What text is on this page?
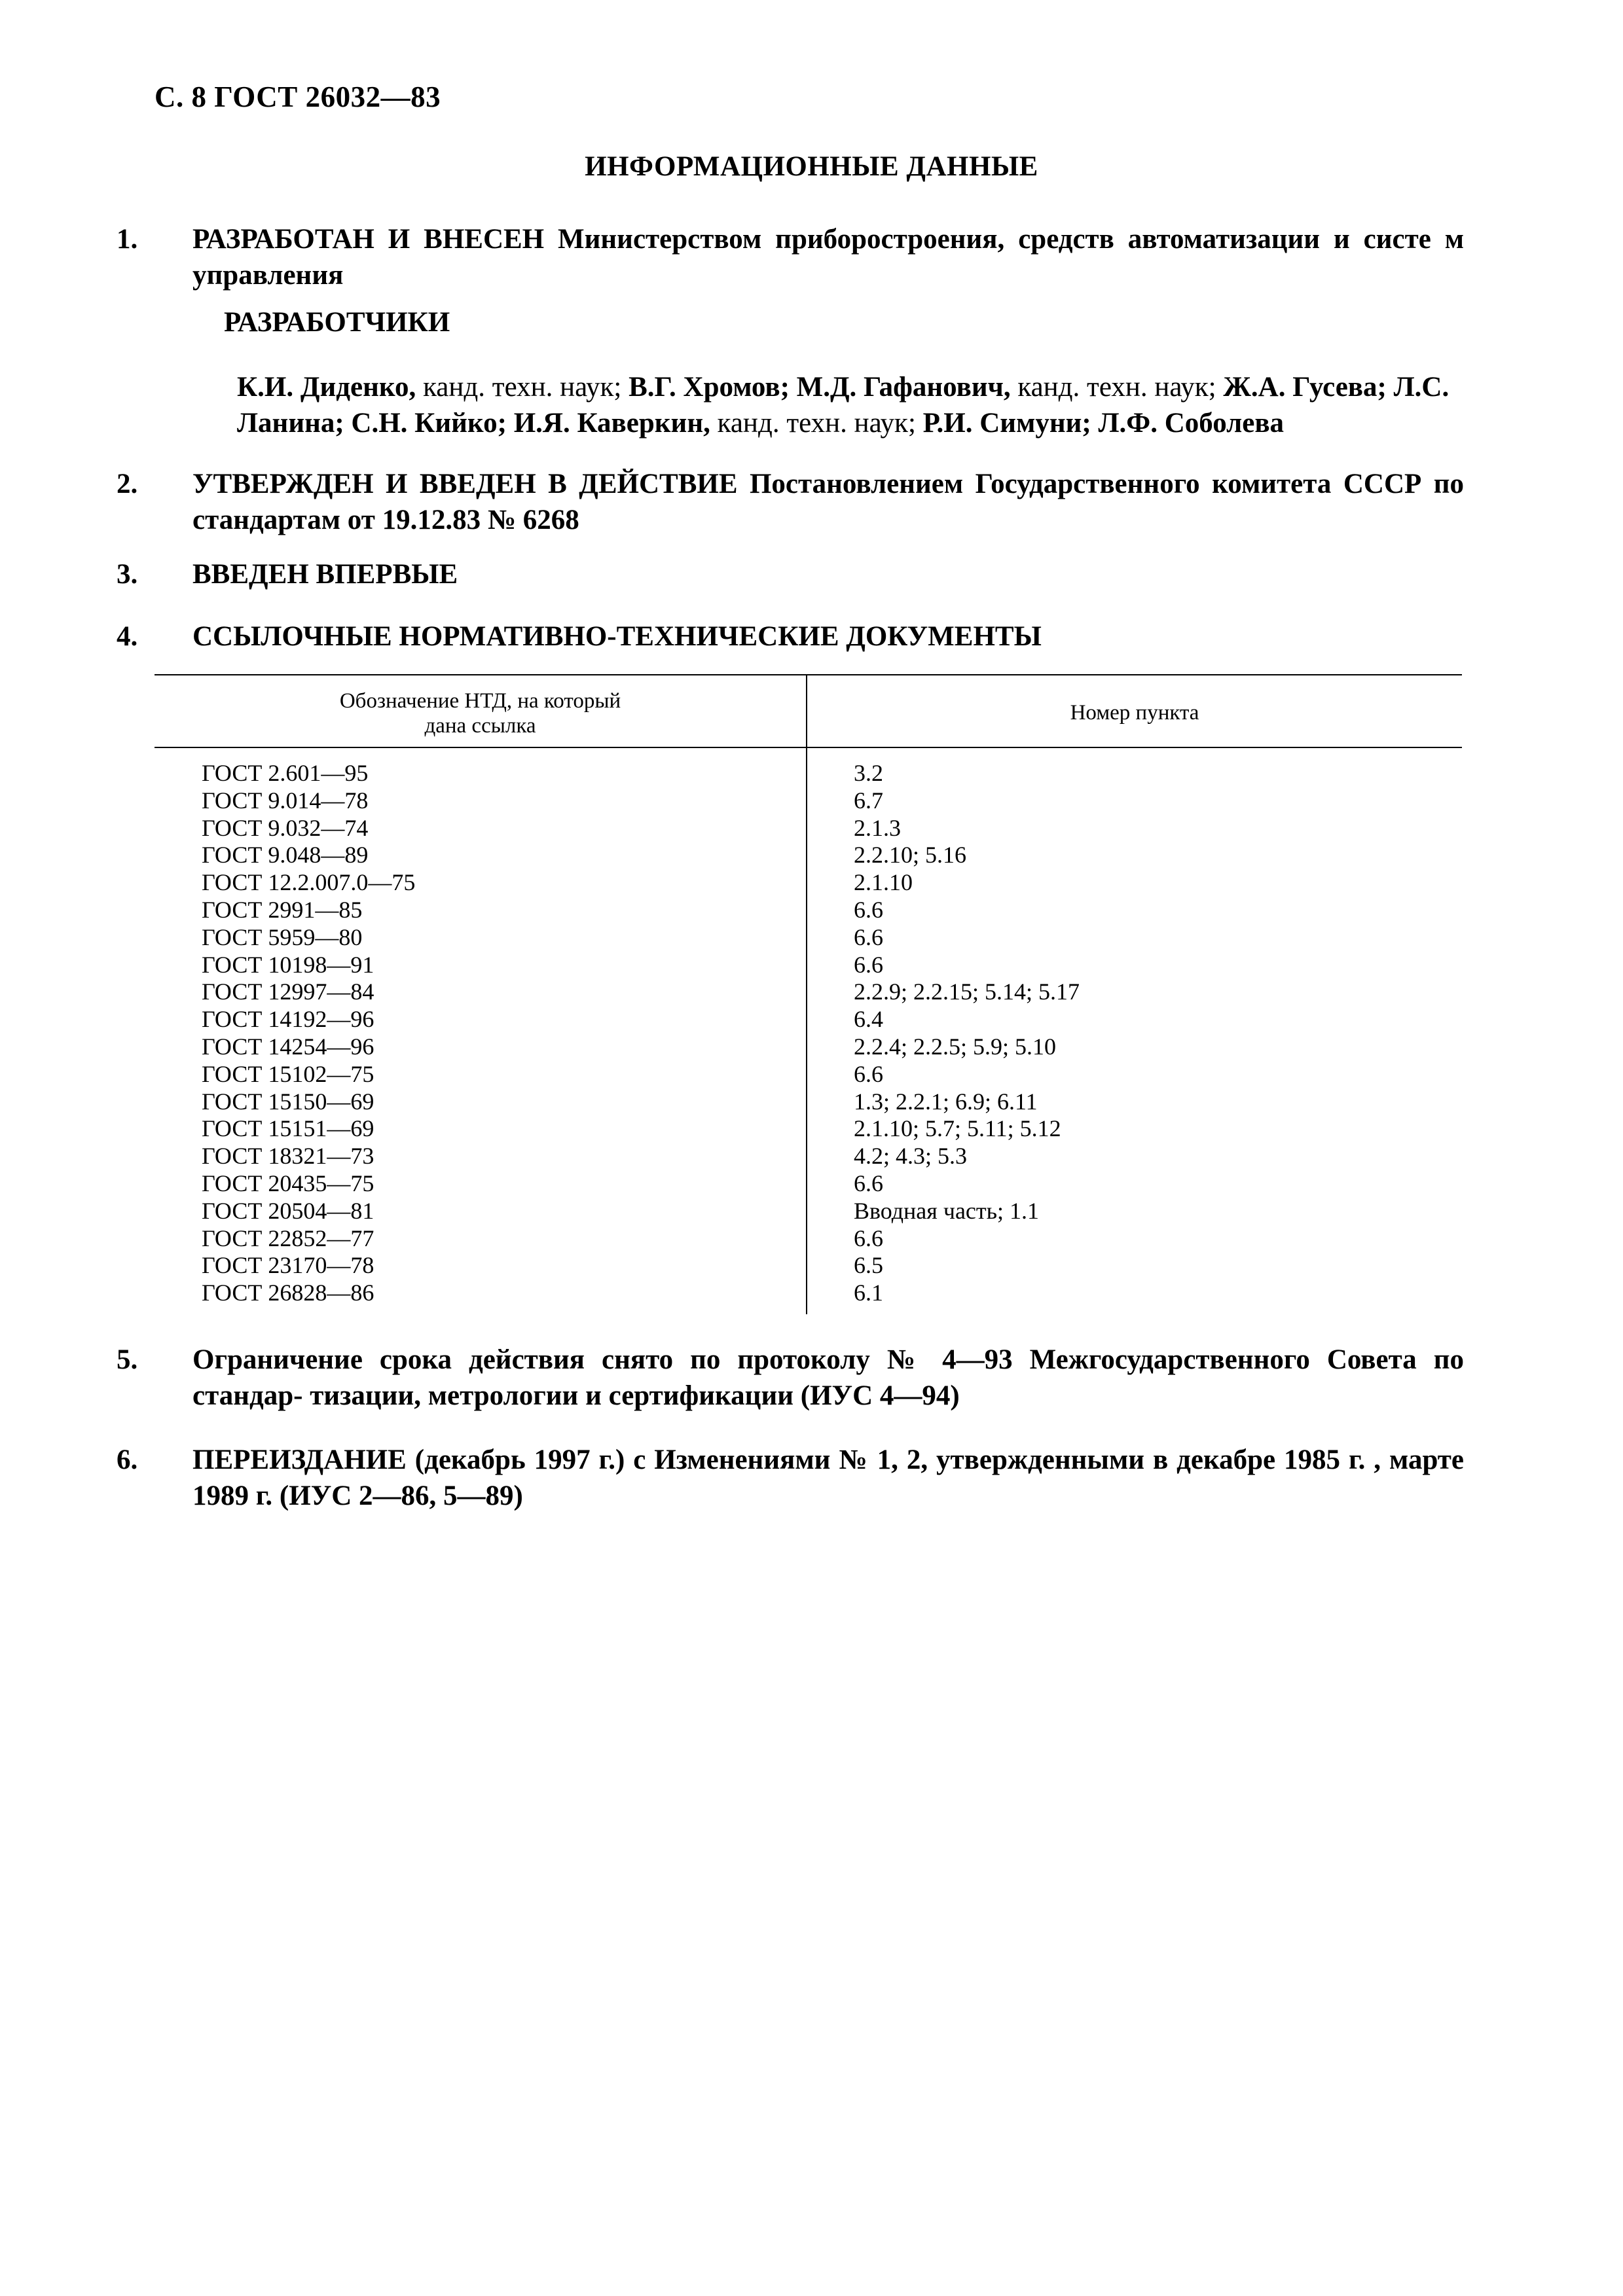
С. 8 ГОСТ 26032—83
ИНФОРМАЦИОННЫЕ ДАННЫЕ
1. РАЗРАБОТАН И ВНЕСЕН Министерством приборостроения, средств автоматизации и систе м управления
РАЗРАБОТЧИКИ
К.И. Диденко, канд. техн. наук; В.Г. Хромов; М.Д. Гафанович, канд. техн. наук; Ж.А. Гусева; Л.С. Ланина; С.Н. Кийко; И.Я. Каверкин, канд. техн. наук; Р.И. Симуни; Л.Ф. Соболева
2. УТВЕРЖДЕН И ВВЕДЕН В ДЕЙСТВИЕ Постановлением Государственного комитета СССР по стандартам от 19.12.83 № 6268
3. ВВЕДЕН ВПЕРВЫЕ
4. ССЫЛОЧНЫЕ НОРМАТИВНО-ТЕХНИЧЕСКИЕ ДОКУМЕНТЫ
Обозначение НТД, на который
дана ссылка
Номер пункта
ГОСТ 2.601—95	3.2
ГОСТ 9.014—78	6.7
ГОСТ 9.032—74	2.1.3
ГОСТ 9.048—89	2.2.10; 5.16
ГОСТ 12.2.007.0—75	2.1.10
ГОСТ 2991—85	6.6
ГОСТ 5959—80	6.6
ГОСТ 10198—91	6.6
ГОСТ 12997—84	2.2.9; 2.2.15; 5.14; 5.17
ГОСТ 14192—96	6.4
ГОСТ 14254—96	2.2.4; 2.2.5; 5.9; 5.10
ГОСТ 15102—75	6.6
ГОСТ 15150—69	1.3; 2.2.1; 6.9; 6.11
ГОСТ 15151—69	2.1.10; 5.7; 5.11; 5.12
ГОСТ 18321—73	4.2; 4.3; 5.3
ГОСТ 20435—75	6.6
ГОСТ 20504—81	Вводная часть; 1.1
ГОСТ 22852—77	6.6
ГОСТ 23170—78	6.5
ГОСТ 26828—86	6.1
5. Ограничение срока действия снято по протоколу № 4—93 Межгосударственного Совета по стандар- тизации, метрологии и сертификации (ИУС 4—94)
6. ПЕРЕИЗДАНИЕ (декабрь 1997 г.) с Изменениями № 1, 2, утвержденными в декабре 1985 г. , марте 1989 г. (ИУС 2—86, 5—89)
